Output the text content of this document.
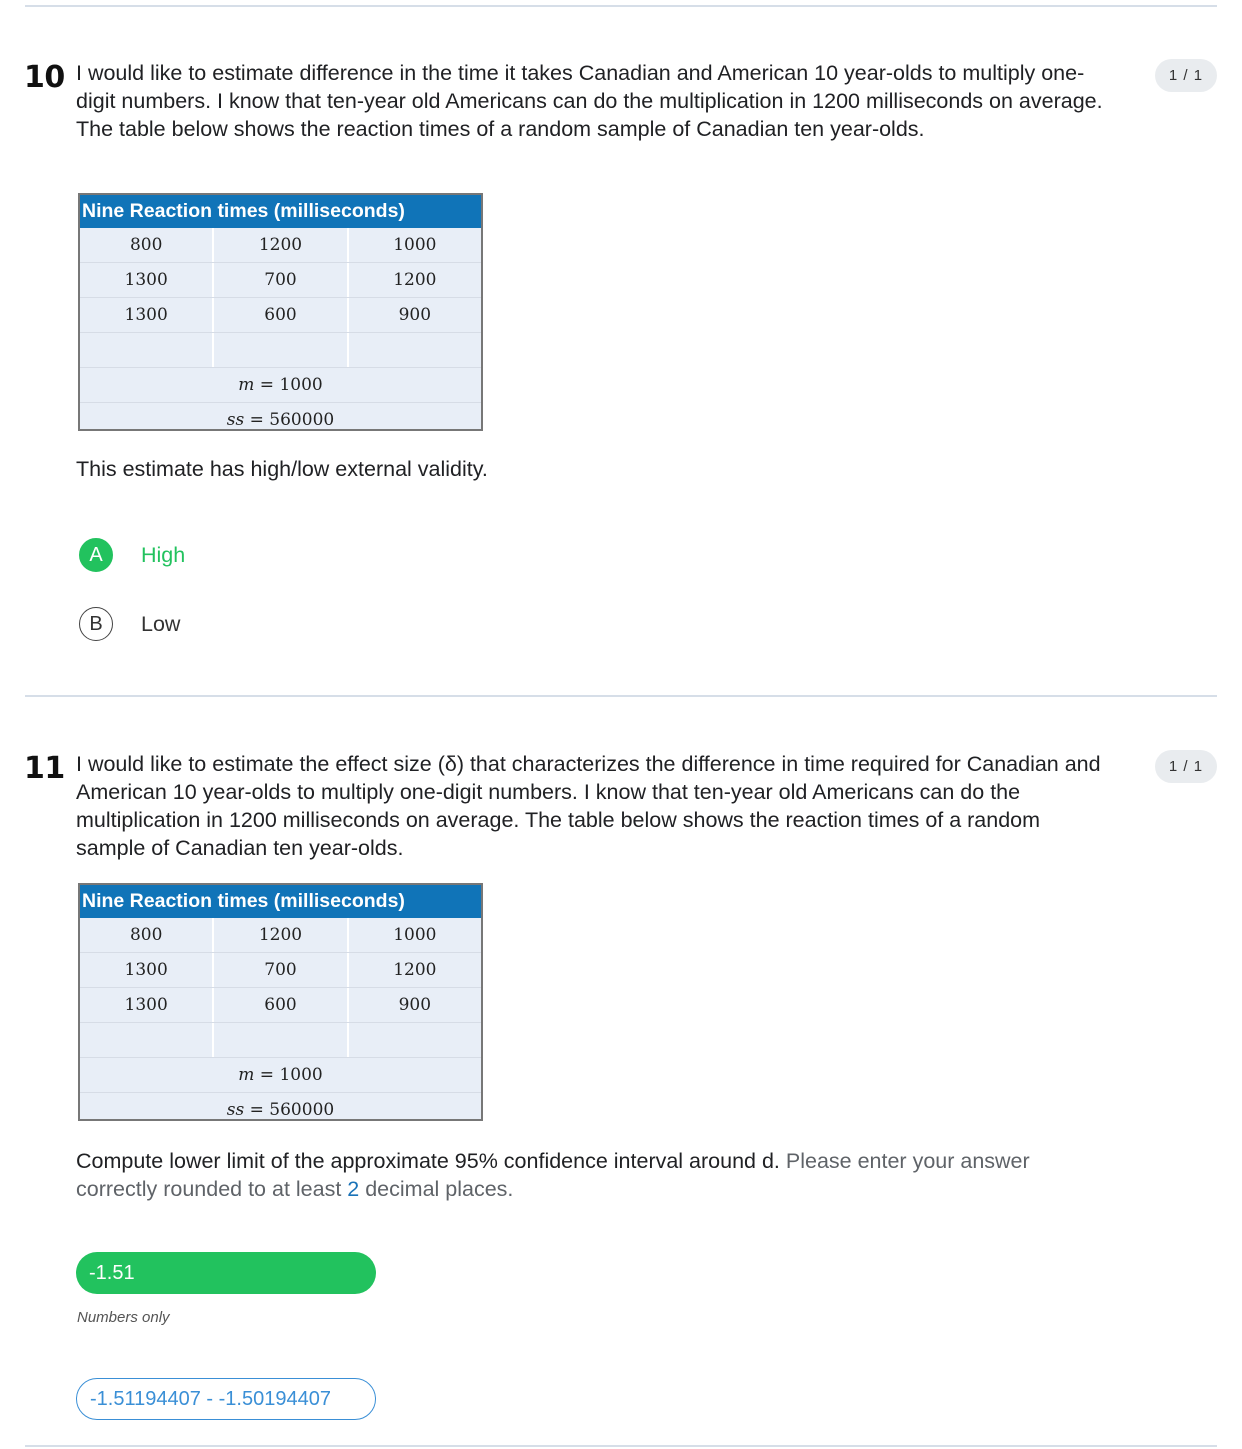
10 I would like to estimate difference in the time it takes Canadian and American 10 year-olds to multiply one-digit numbers. I know that ten-year old Americans can do the multiplication in 1200 milliseconds on average. The table below shows the reaction times of a random sample of Canadian ten year-olds.
1 / 1
Nine Reaction times (milliseconds)
800	1200	1000
1300	700	1200
1300	600	900
m = 1000
ss = 560000
This estimate has high/low external validity.
A	High
B	Low
11 I would like to estimate the effect size (δ) that characterizes the difference in time required for Canadian and American 10 year-olds to multiply one-digit numbers. I know that ten-year old Americans can do the multiplication in 1200 milliseconds on average. The table below shows the reaction times of a random sample of Canadian ten year-olds.
1 / 1
Nine Reaction times (milliseconds)
800	1200	1000
1300	700	1200
1300	600	900
m = 1000
ss = 560000
Compute lower limit of the approximate 95% confidence interval around d. Please enter your answer correctly rounded to at least 2 decimal places.
-1.51
Numbers only
-1.51194407 - -1.50194407
